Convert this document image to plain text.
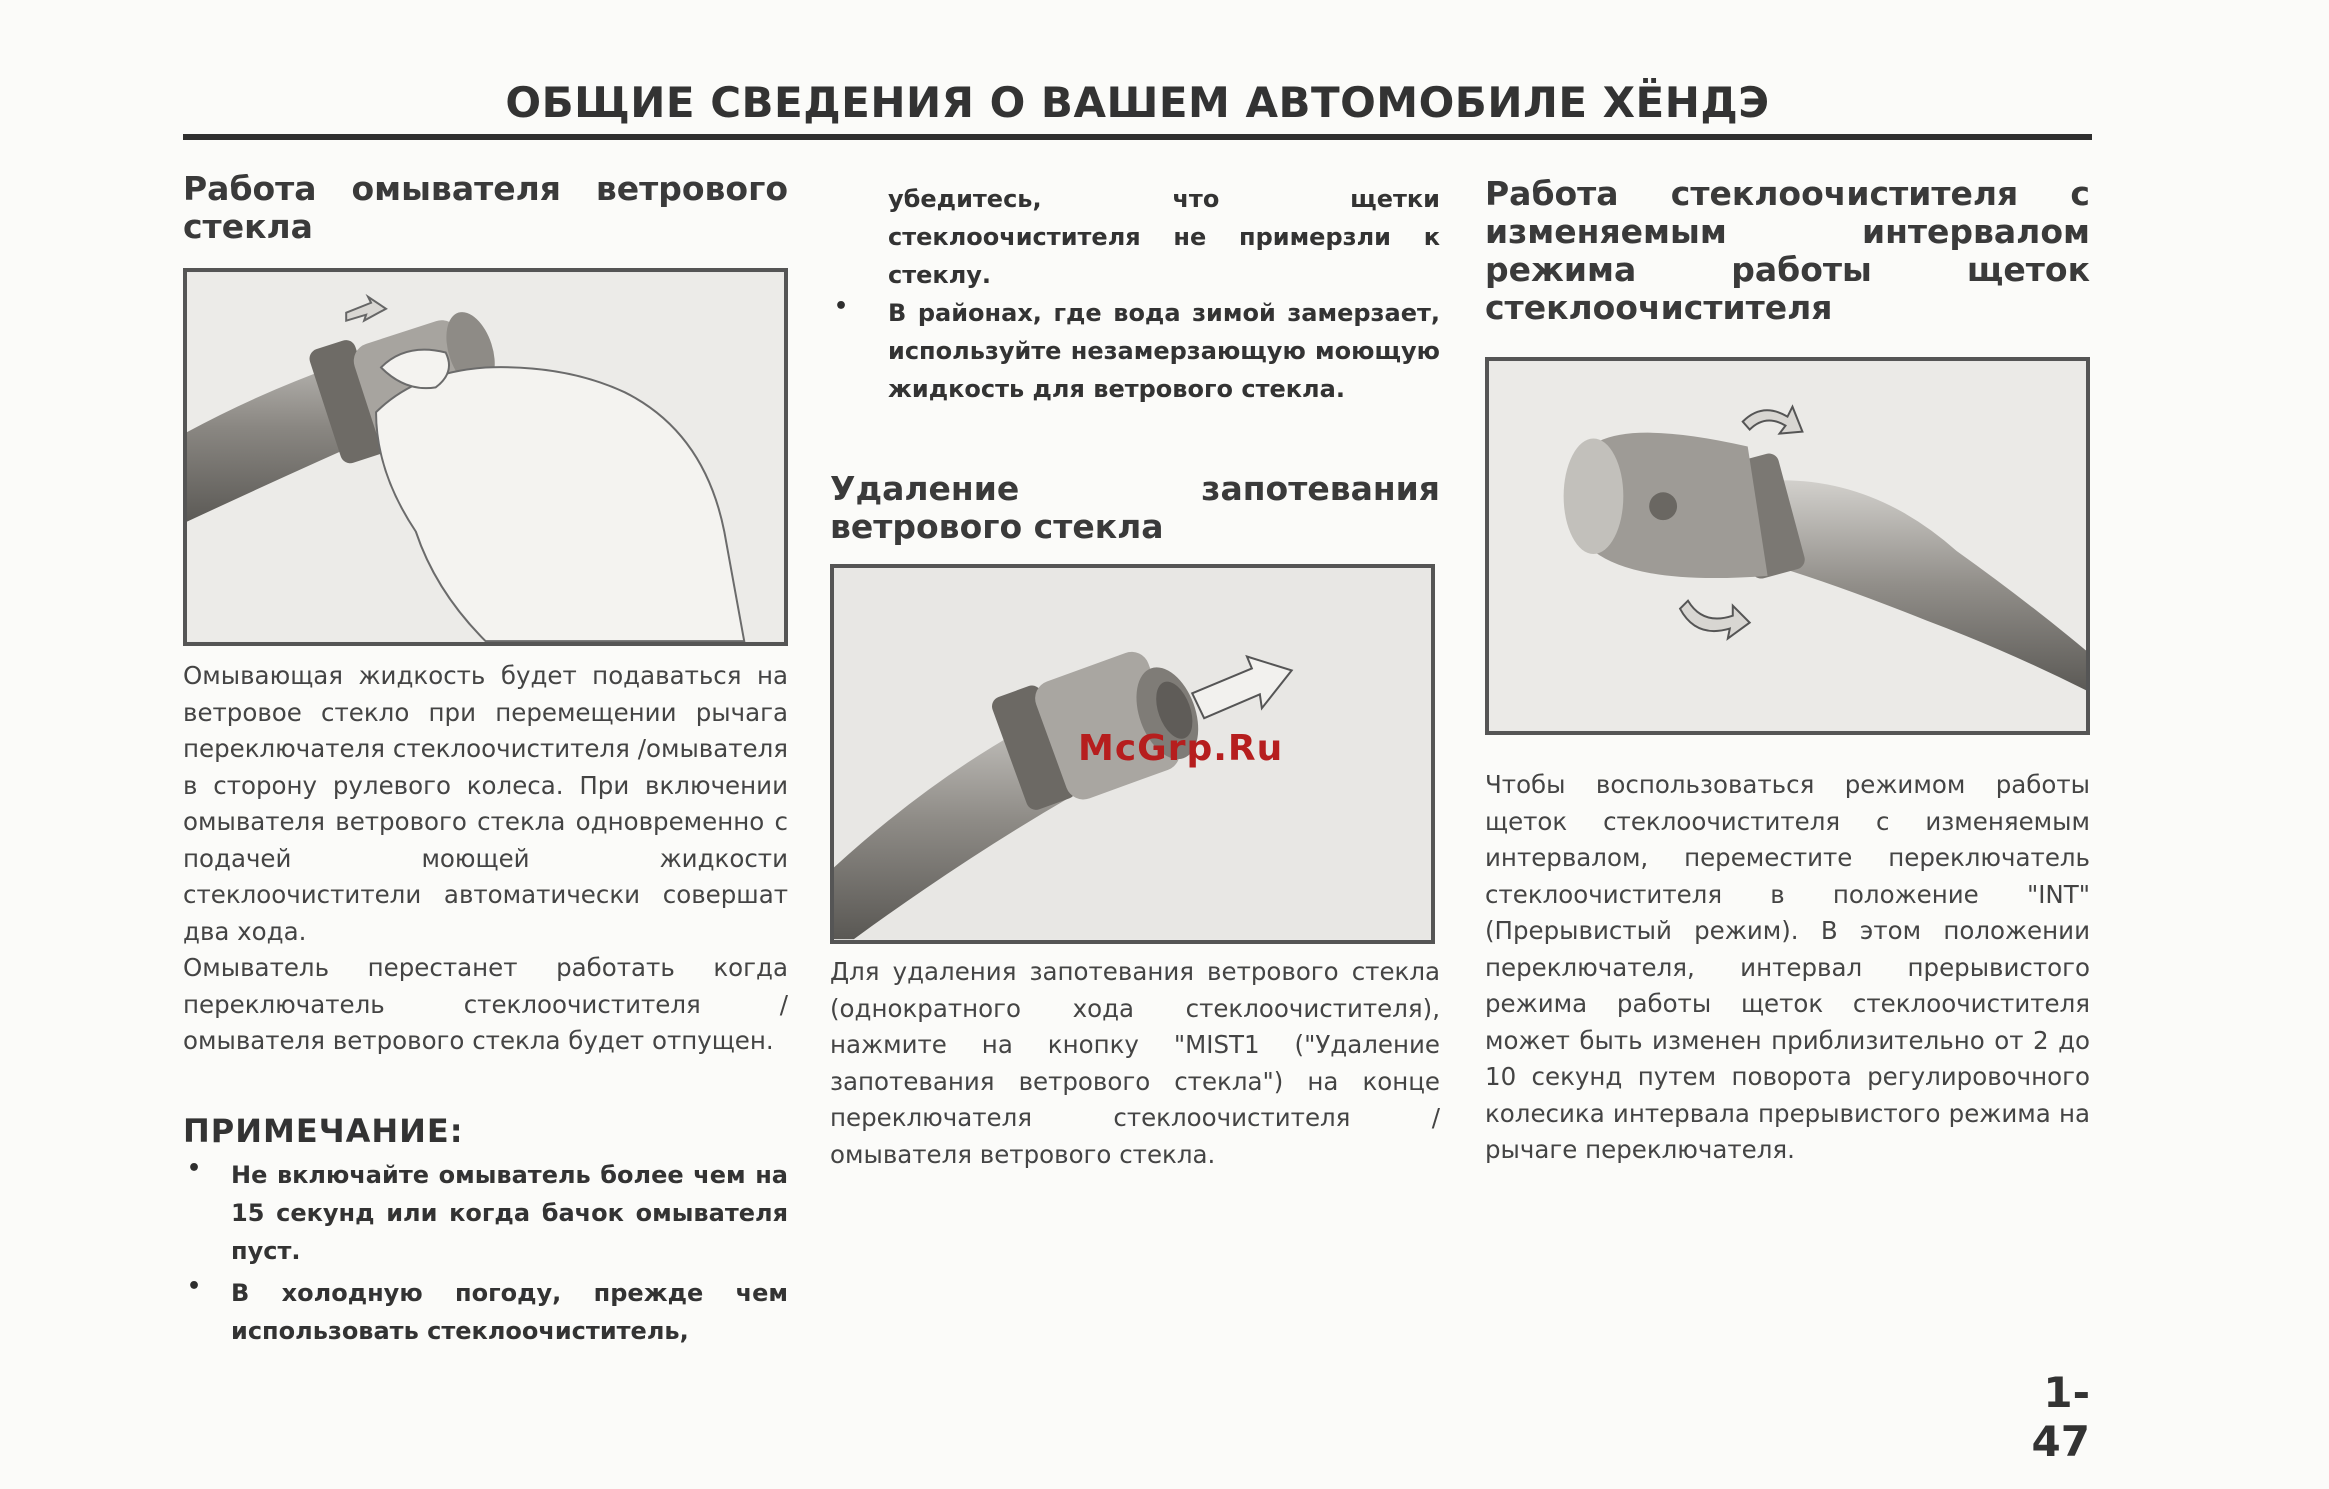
ОБЩИЕ СВЕДЕНИЯ О ВАШЕМ АВТОМОБИЛЕ ХЁНДЭ
Работа омывателя ветрового стекла

Омывающая жидкость будет подаваться на ветровое стекло при перемещении рычага переключателя стеклоочистителя /омывателя в сторону рулевого колеса. При включении омывателя ветрового стекла одновременно с подачей моющей жидкости стеклоочистители автоматически совершат два хода.

Омыватель перестанет работать когда переключатель стеклоочистителя / омывателя ветрового стекла будет отпущен.

ПРИМЕЧАНИЕ:
• Не включайте омыватель более чем на 15 секунд или когда бачок омывателя пуст.

• В холодную погоду, прежде чем использовать стеклоочиститель,

убедитесь, что щетки стеклоочистителя не примерзли к стеклу.

• В районах, где вода зимой замерзает, используйте незамерзающую моющую жидкость для ветрового стекла.

Удаление запотевания ветрового стекла

Для удаления запотевания ветрового стекла (однократного хода стеклоочистителя), нажмите на кнопку "MIST1 ("Удаление запотевания ветрового стекла") на конце переключателя стеклоочистителя / омывателя ветрового стекла.

Работа стеклоочистителя с изменяемым интервалом режима работы щеток стеклоочистителя

Чтобы воспользоваться режимом работы щеток стеклоочистителя с изменяемым интервалом, переместите переключатель стеклоочистителя в положение "INT" (Прерывистый режим). В этом положении переключателя, интервал прерывистого режима работы щеток стеклоочистителя может быть изменен приблизительно от 2 до 10 секунд путем поворота регулировочного колесика интервала прерывистого режима на рычаге переключателя.

McGrp.Ru
1-47
